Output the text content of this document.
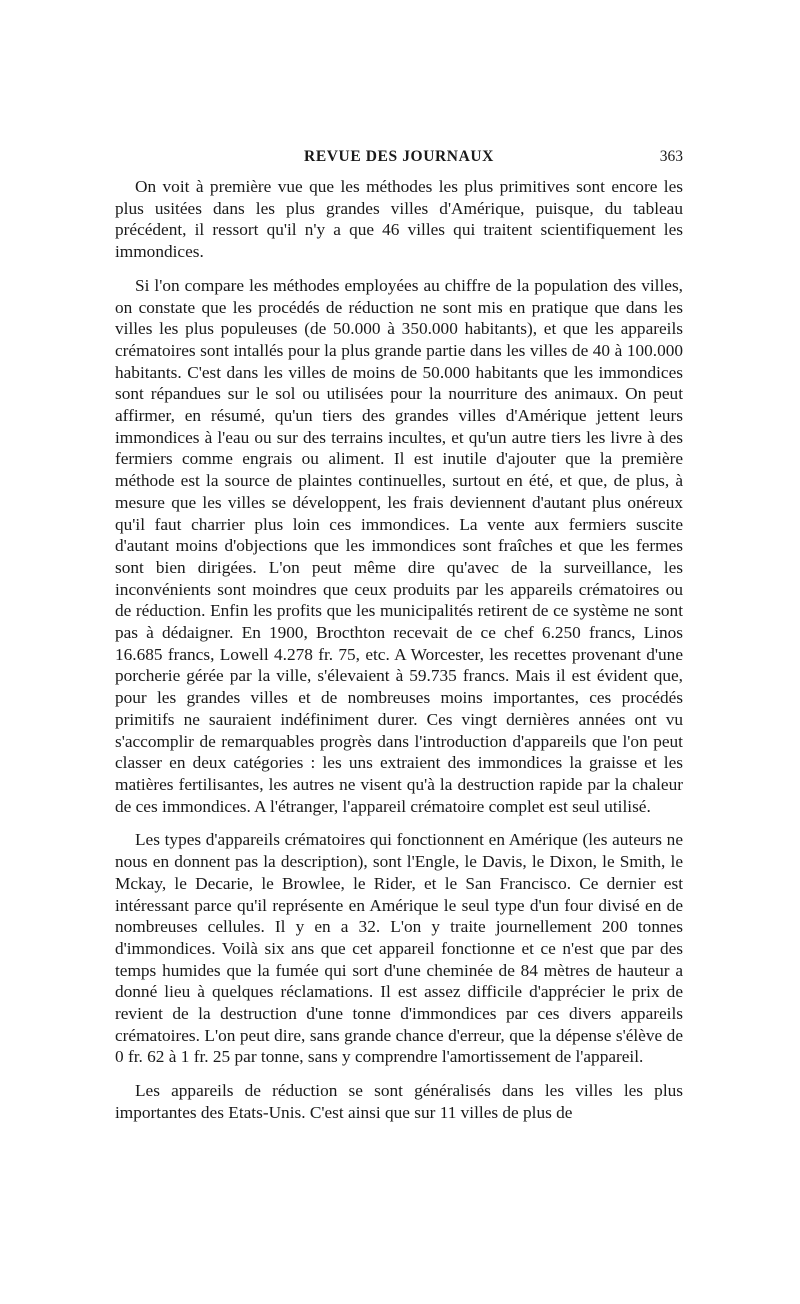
REVUE DES JOURNAUX	363

On voit à première vue que les méthodes les plus primitives sont encore les plus usitées dans les plus grandes villes d'Amérique, puisque, du tableau précédent, il ressort qu'il n'y a que 46 villes qui traitent scientifiquement les immondices.

Si l'on compare les méthodes employées au chiffre de la population des villes, on constate que les procédés de réduction ne sont mis en pratique que dans les villes les plus populeuses (de 50.000 à 350.000 habitants), et que les appareils crématoires sont intallés pour la plus grande partie dans les villes de 40 à 100.000 habitants. C'est dans les villes de moins de 50.000 habitants que les immondices sont répandues sur le sol ou utilisées pour la nourriture des animaux. On peut affirmer, en résumé, qu'un tiers des grandes villes d'Amérique jettent leurs immondices à l'eau ou sur des terrains incultes, et qu'un autre tiers les livre à des fermiers comme engrais ou aliment. Il est inutile d'ajouter que la première méthode est la source de plaintes continuelles, surtout en été, et que, de plus, à mesure que les villes se développent, les frais deviennent d'autant plus onéreux qu'il faut charrier plus loin ces immondices. La vente aux fermiers suscite d'autant moins d'objections que les immondices sont fraîches et que les fermes sont bien dirigées. L'on peut même dire qu'avec de la surveillance, les inconvénients sont moindres que ceux produits par les appareils crématoires ou de réduction. Enfin les profits que les municipalités retirent de ce système ne sont pas à dédaigner. En 1900, Brocthton recevait de ce chef 6.250 francs, Linos 16.685 francs, Lowell 4.278 fr. 75, etc. A Worcester, les recettes provenant d'une porcherie gérée par la ville, s'élevaient à 59.735 francs. Mais il est évident que, pour les grandes villes et de nombreuses moins importantes, ces procédés primitifs ne sauraient indéfiniment durer. Ces vingt dernières années ont vu s'accomplir de remarquables progrès dans l'introduction d'appareils que l'on peut classer en deux catégories : les uns extraient des immondices la graisse et les matières fertilisantes, les autres ne visent qu'à la destruction rapide par la chaleur de ces immondices. A l'étranger, l'appareil crématoire complet est seul utilisé.

Les types d'appareils crématoires qui fonctionnent en Amérique (les auteurs ne nous en donnent pas la description), sont l'Engle, le Davis, le Dixon, le Smith, le Mckay, le Decarie, le Browlee, le Rider, et le San Francisco. Ce dernier est intéressant parce qu'il représente en Amérique le seul type d'un four divisé en de nombreuses cellules. Il y en a 32. L'on y traite journellement 200 tonnes d'immondices. Voilà six ans que cet appareil fonctionne et ce n'est que par des temps humides que la fumée qui sort d'une cheminée de 84 mètres de hauteur a donné lieu à quelques réclamations. Il est assez difficile d'apprécier le prix de revient de la destruction d'une tonne d'immondices par ces divers appareils crématoires. L'on peut dire, sans grande chance d'erreur, que la dépense s'élève de 0 fr. 62 à 1 fr. 25 par tonne, sans y comprendre l'amortissement de l'appareil.

Les appareils de réduction se sont généralisés dans les villes les plus importantes des Etats-Unis. C'est ainsi que sur 11 villes de plus de
